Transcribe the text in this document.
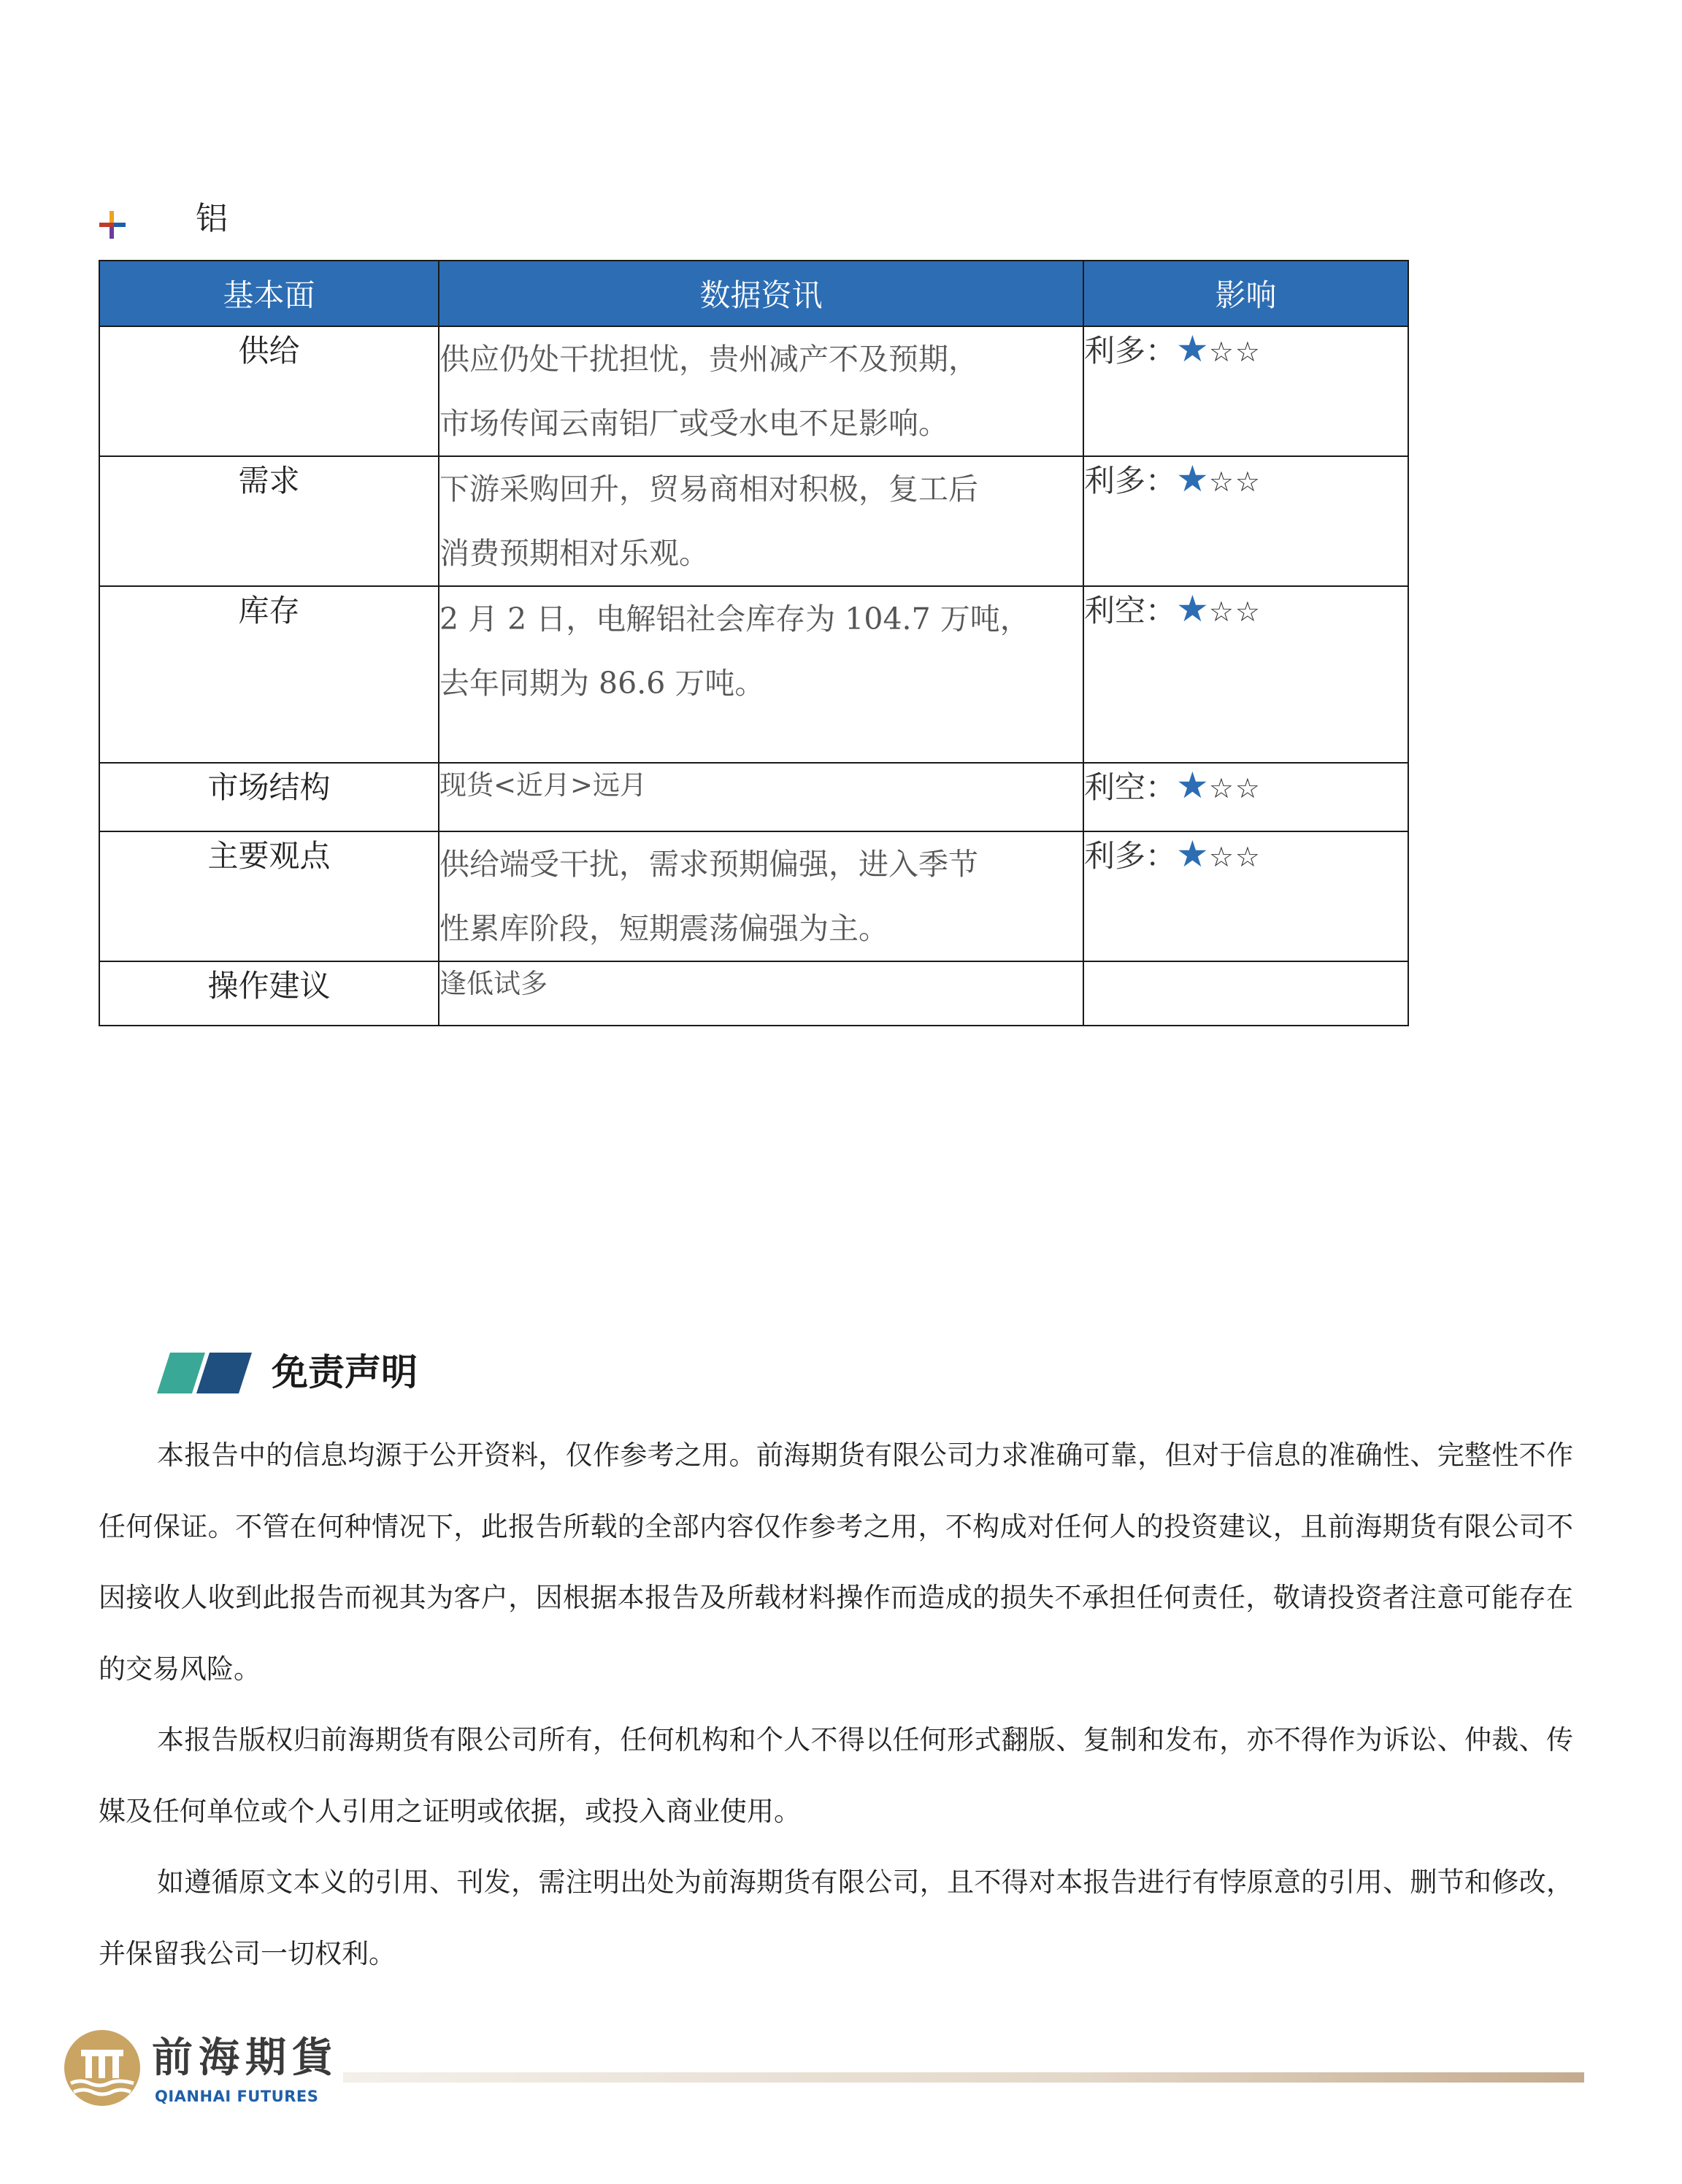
铝
基本面	数据资讯	影响
供给	供应仍处干扰担忧，贵州减产不及预期，
市场传闻云南铝厂或受水电不足影响。	利多：★☆☆
需求	下游采购回升，贸易商相对积极，复工后
消费预期相对乐观。	利多：★☆☆
库存	2 月 2 日，电解铝社会库存为 104.7 万吨，
去年同期为 86.6 万吨。	利空：★☆☆
市场结构	现货<近月>远月	利空：★☆☆
主要观点	供给端受干扰，需求预期偏强，进入季节
性累库阶段，短期震荡偏强为主。	利多：★☆☆
操作建议	逢低试多	

免责声明

本报告中的信息均源于公开资料，仅作参考之用。前海期货有限公司力求准确可靠，但对于信息的准确性、完整性不作任何保证。不管在何种情况下，此报告所载的全部内容仅作参考之用，不构成对任何人的投资建议，且前海期货有限公司不因接收人收到此报告而视其为客户，因根据本报告及所载材料操作而造成的损失不承担任何责任，敬请投资者注意可能存在的交易风险。

本报告版权归前海期货有限公司所有，任何机构和个人不得以任何形式翻版、复制和发布，亦不得作为诉讼、仲裁、传媒及任何单位或个人引用之证明或依据，或投入商业使用。

如遵循原文本义的引用、刊发，需注明出处为前海期货有限公司，且不得对本报告进行有悖原意的引用、删节和修改，并保留我公司一切权利。

前海期貨
QIANHAI FUTURES
